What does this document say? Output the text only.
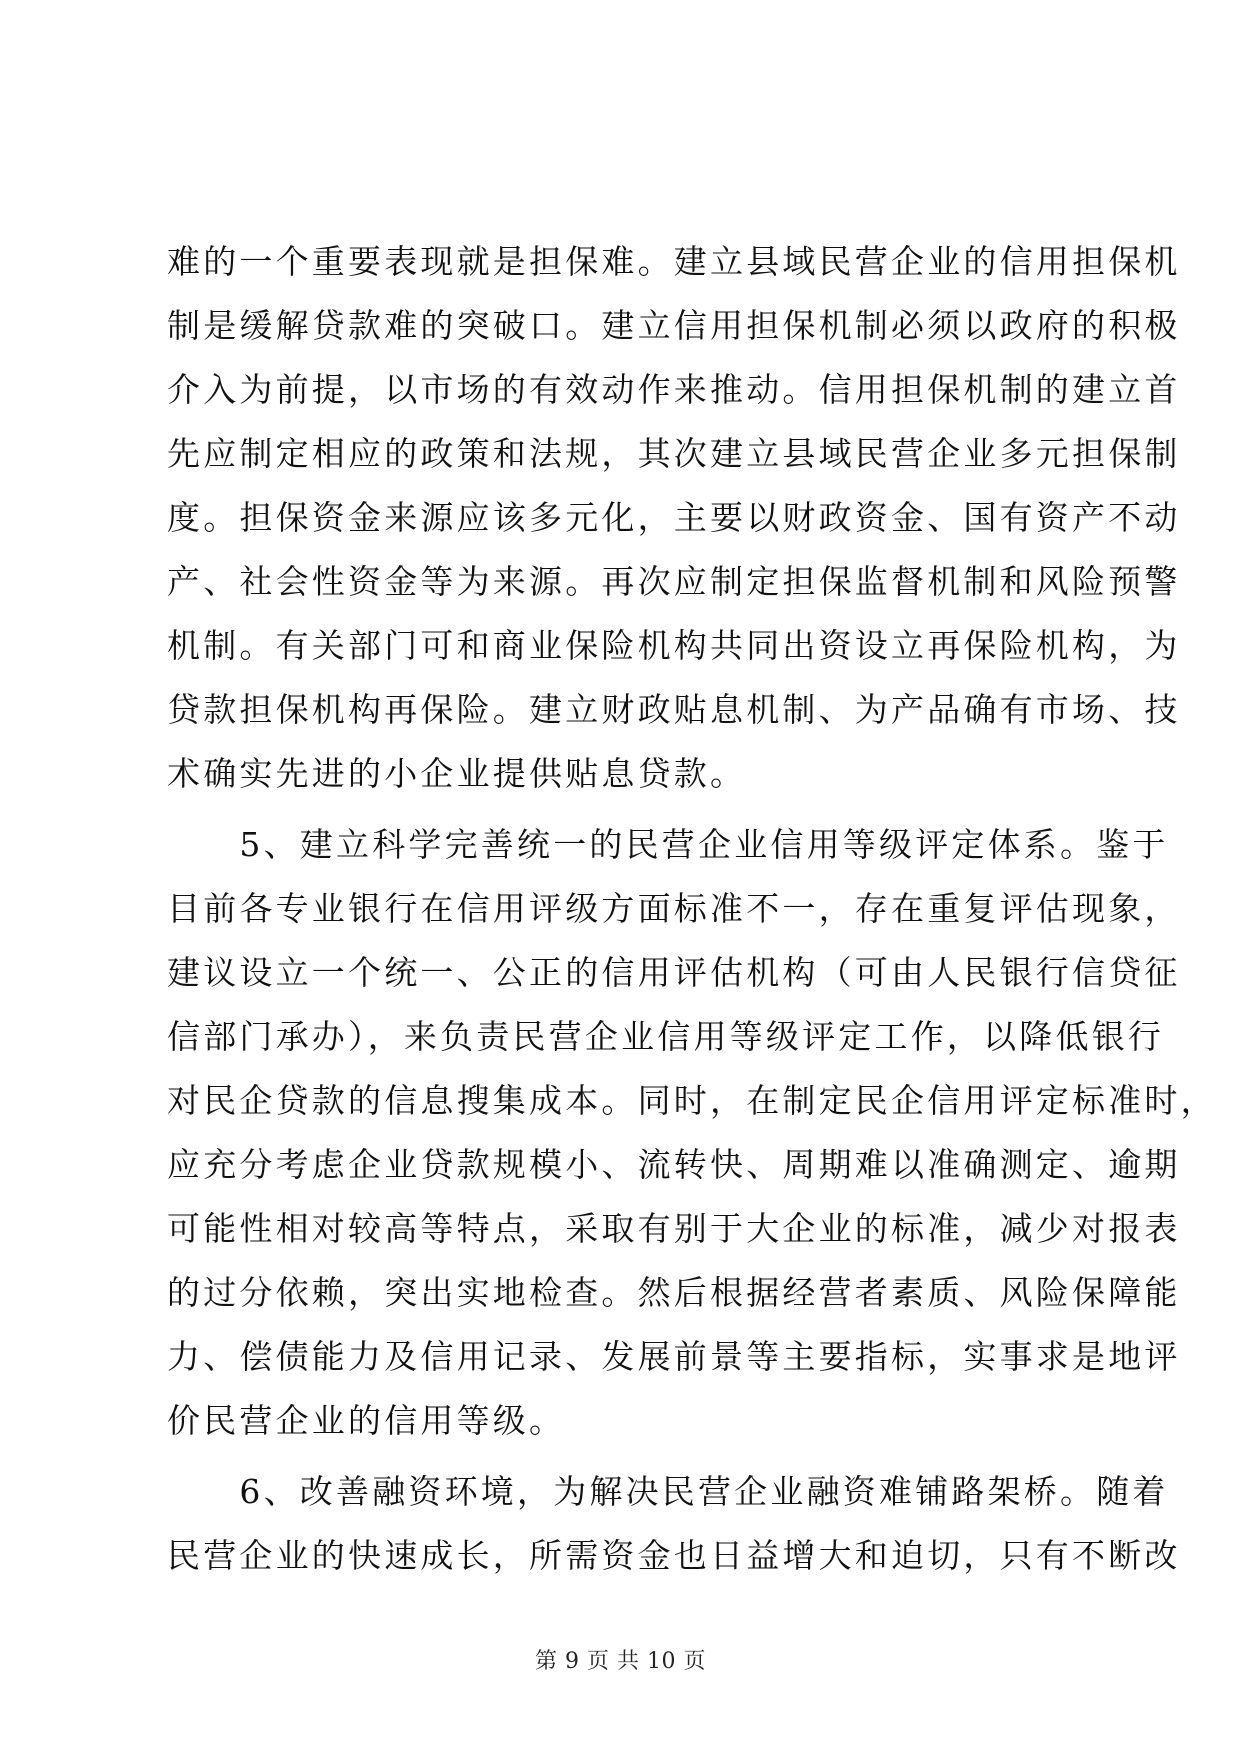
难的一个重要表现就是担保难。建立县域民营企业的信用担保机
制是缓解贷款难的突破口。建立信用担保机制必须以政府的积极
介入为前提，以市场的有效动作来推动。信用担保机制的建立首
先应制定相应的政策和法规，其次建立县域民营企业多元担保制
度。担保资金来源应该多元化，主要以财政资金、国有资产不动
产、社会性资金等为来源。再次应制定担保监督机制和风险预警
机制。有关部门可和商业保险机构共同出资设立再保险机构，为
贷款担保机构再保险。建立财政贴息机制、为产品确有市场、技
术确实先进的小企业提供贴息贷款。
　　5、建立科学完善统一的民营企业信用等级评定体系。鉴于
目前各专业银行在信用评级方面标准不一，存在重复评估现象，
建议设立一个统一、公正的信用评估机构（可由人民银行信贷征
信部门承办），来负责民营企业信用等级评定工作，以降低银行
对民企贷款的信息搜集成本。同时，在制定民企信用评定标准时，
应充分考虑企业贷款规模小、流转快、周期难以准确测定、逾期
可能性相对较高等特点，采取有别于大企业的标准，减少对报表
的过分依赖，突出实地检查。然后根据经营者素质、风险保障能
力、偿债能力及信用记录、发展前景等主要指标，实事求是地评
价民营企业的信用等级。
　　6、改善融资环境，为解决民营企业融资难铺路架桥。随着
民营企业的快速成长，所需资金也日益增大和迫切，只有不断改
第 9 页 共 10 页
